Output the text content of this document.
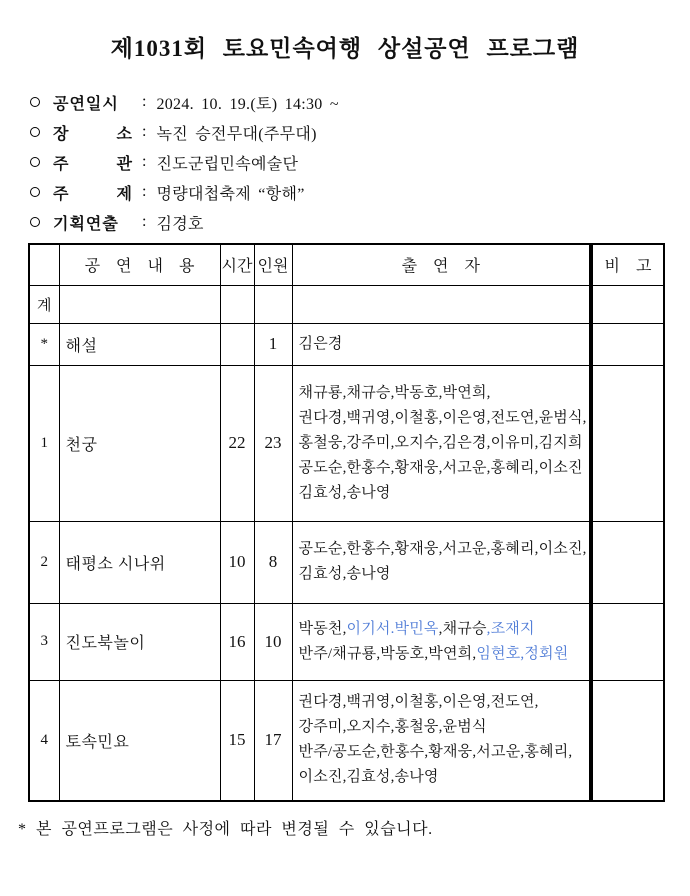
제1031회 토요민속여행 상설공연 프로그램
공연일시	: 2024. 10. 19.(토) 14:30 ~
장 소 : 녹진 승전무대(주무대)
주 관 : 진도군립민속예술단
주 제 : 명량대첩축제 “항해”
기획연출	: 김경호
	공 연 내 용	시간	인원	출 연 자	비 고
계					
*	해설		1	김은경	

1	천궁	22	23	채규룡,채규승,박동호,박연희,
권다경,백귀영,이철홍,이은영,전도연,윤범식,
홍철웅,강주미,오지수,김은경,이유미,김지희
공도순,한홍수,황재웅,서고운,홍혜리,이소진
김효성,송나영	

2	태평소 시나위	10	8	공도순,한홍수,황재웅,서고운,홍혜리,이소진,
김효성,송나영	

3	진도북놀이	16	10	박동천,이기서.박민옥,채규승,조재지
반주/채규룡,박동호,박연희,임현호,정회원	

4	토속민요	15	17	권다경,백귀영,이철홍,이은영,전도연,
강주미,오지수,홍철웅,윤범식
반주/공도순,한홍수,황재웅,서고운,홍혜리,
이소진,김효성,송나영	

* 본 공연프로그램은 사정에 따라 변경될 수 있습니다.
